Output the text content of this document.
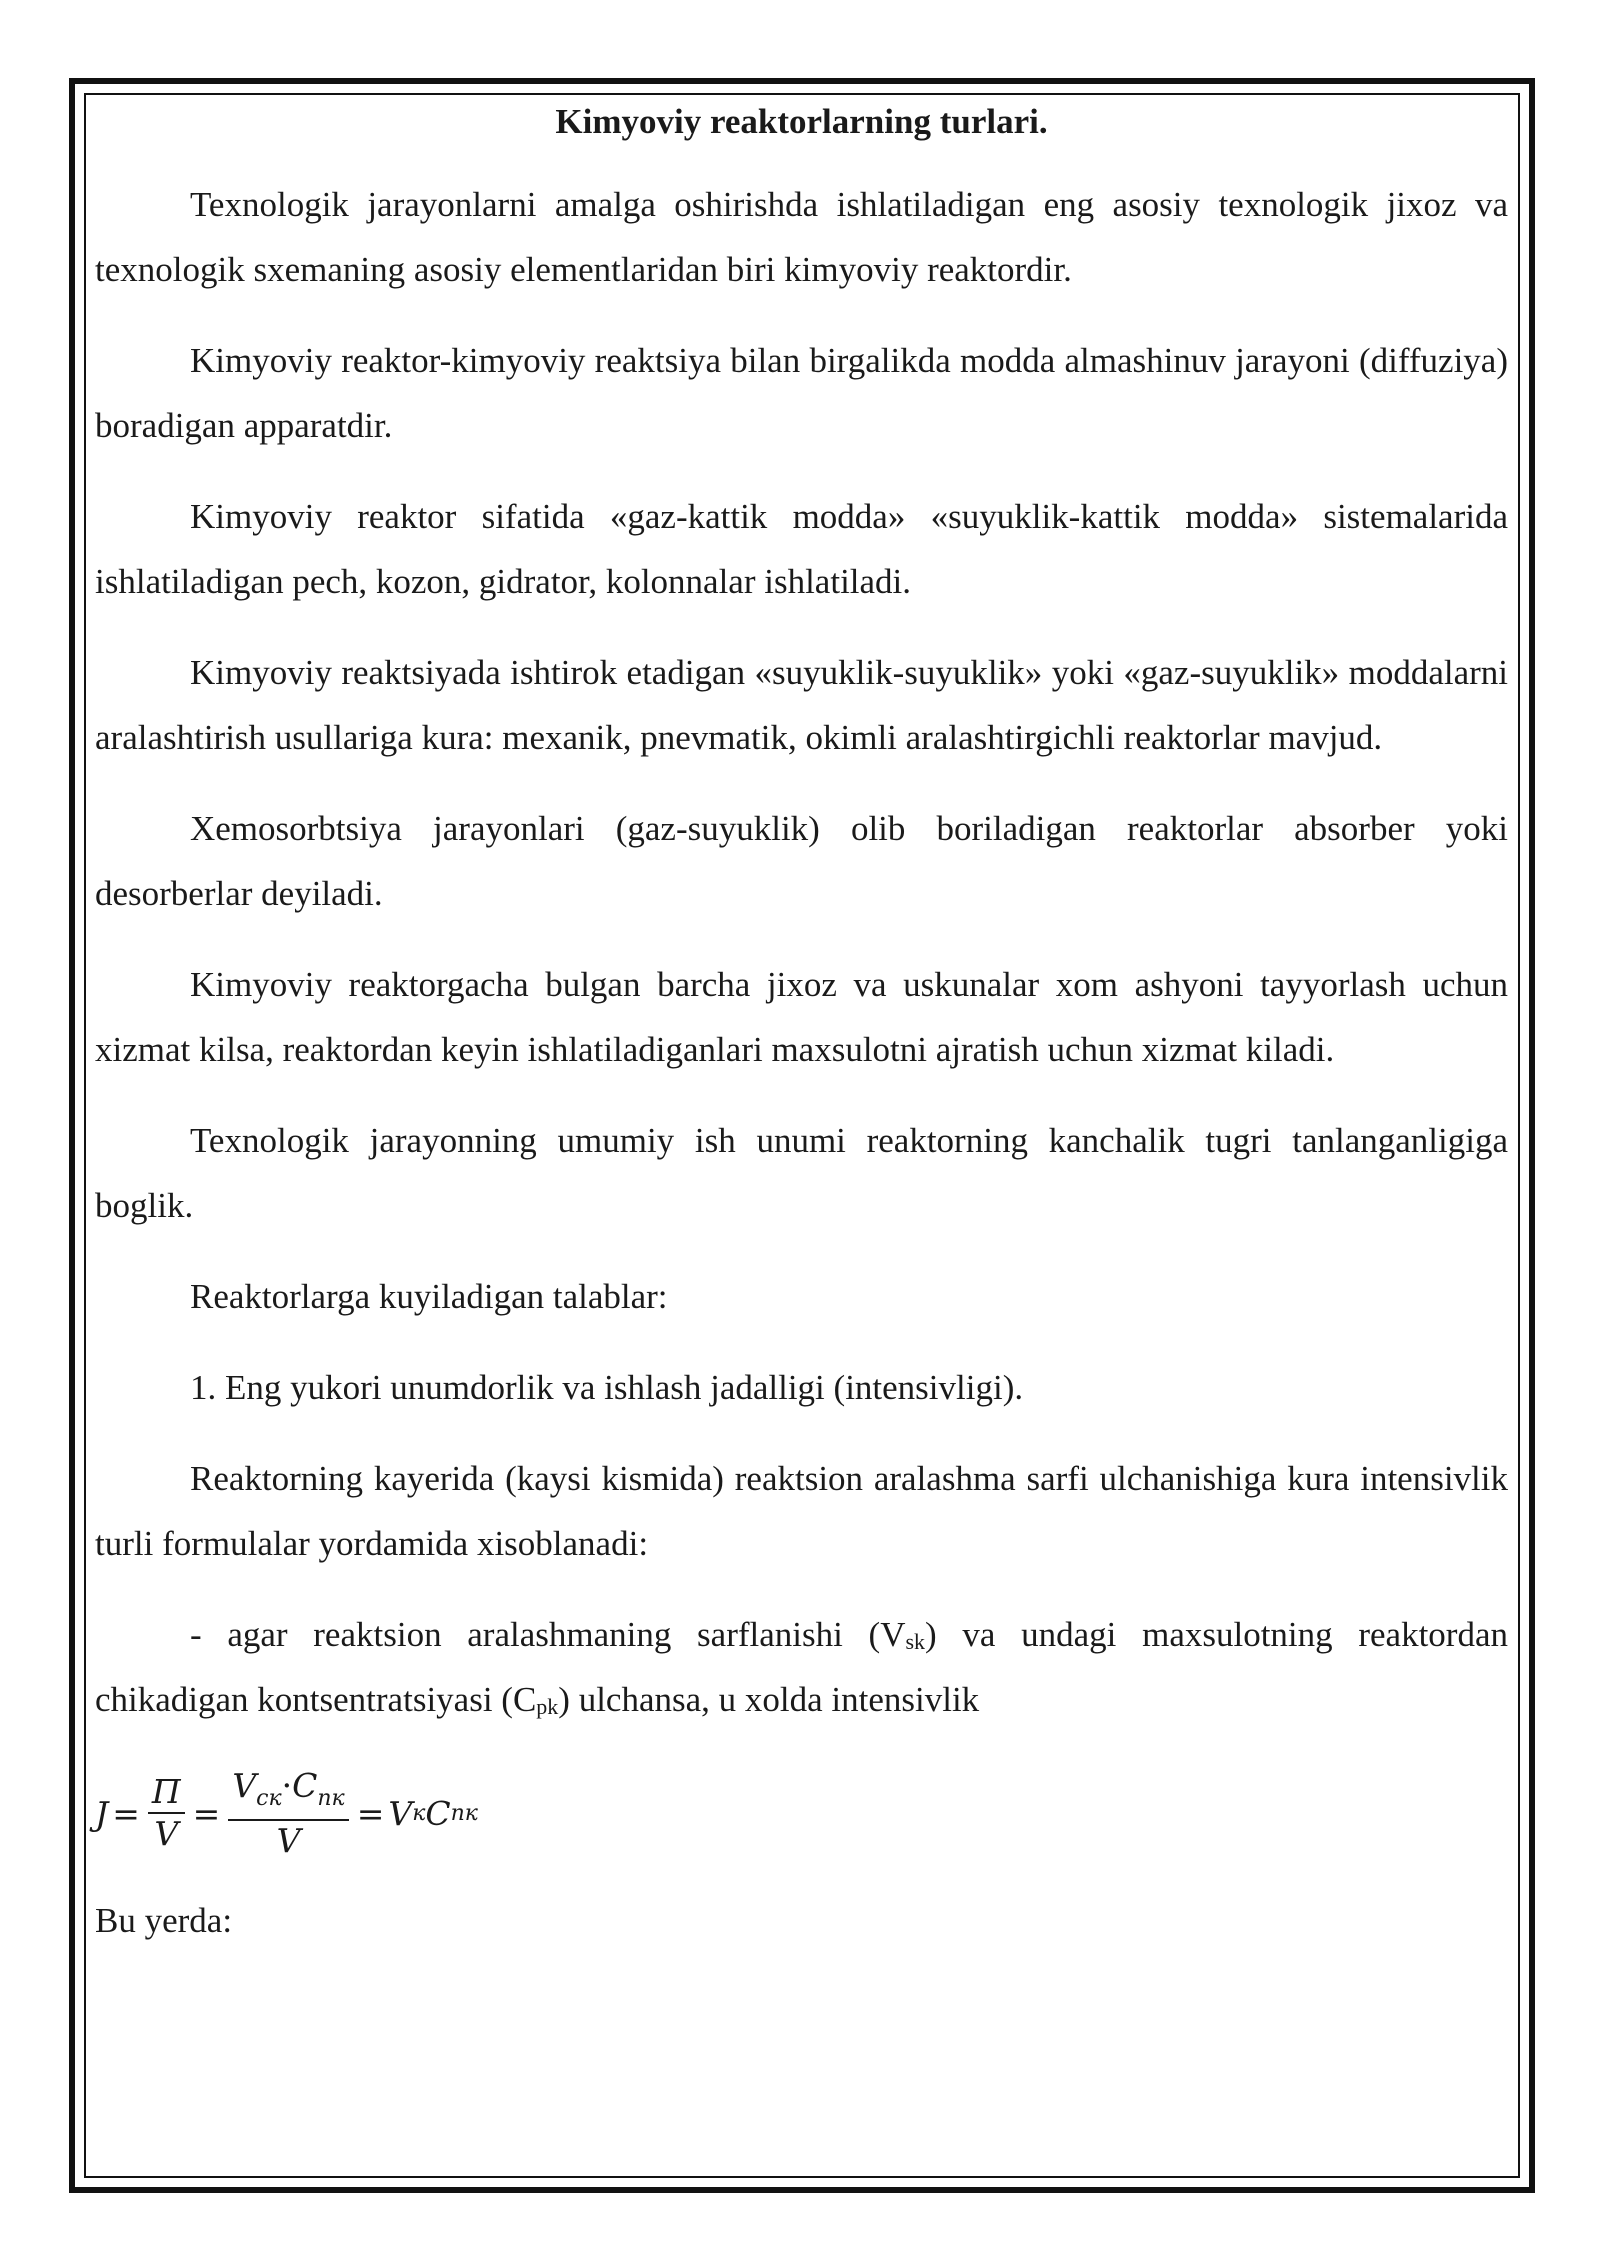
Kimyoviy reaktorlarning turlari.

Texnologik jarayonlarni amalga oshirishda ishlatiladigan eng asosiy texnologik jixoz va texnologik sxemaning asosiy elementlaridan biri kimyoviy reaktordir.

Kimyoviy reaktor-kimyoviy reaktsiya bilan birgalikda modda almashinuv jarayoni (diffuziya) boradigan apparatdir.

Kimyoviy reaktor sifatida «gaz-kattik modda» «suyuklik-kattik modda» sistemalarida ishlatiladigan pech, kozon, gidrator, kolonnalar ishlatiladi.

Kimyoviy reaktsiyada ishtirok etadigan «suyuklik-suyuklik» yoki «gaz-suyuklik» moddalarni aralashtirish usullariga kura: mexanik, pnevmatik, okimli aralashtirgichli reaktorlar mavjud.

Xemosorbtsiya jarayonlari (gaz-suyuklik) olib boriladigan reaktorlar absorber yoki desorberlar deyiladi.

Kimyoviy reaktorgacha bulgan barcha jixoz va uskunalar xom ashyoni tayyorlash uchun xizmat kilsa, reaktordan keyin ishlatiladiganlari maxsulotni ajratish uchun xizmat kiladi.

Texnologik jarayonning umumiy ish unumi reaktorning kanchalik tugri tanlanganligiga boglik.

Reaktorlarga kuyiladigan talablar:

1. Eng yukori unumdorlik va ishlash jadalligi (intensivligi).

Reaktorning kayerida (kaysi kismida) reaktsion aralashma sarfi ulchanishiga kura intensivlik turli formulalar yordamida xisoblanadi:

- agar reaktsion aralashmaning sarflanishi $(V_{sk})$ va undagi maxsulotning reaktordan chikadigan kontsentratsiyasi $(C_{pk})$ ulchansa, u xolda intensivlik

$J = \frac{П}{V} = \frac{V_{ск}\cdot C_{пк}}{V} = V$ к C пк

Bu yerda:
